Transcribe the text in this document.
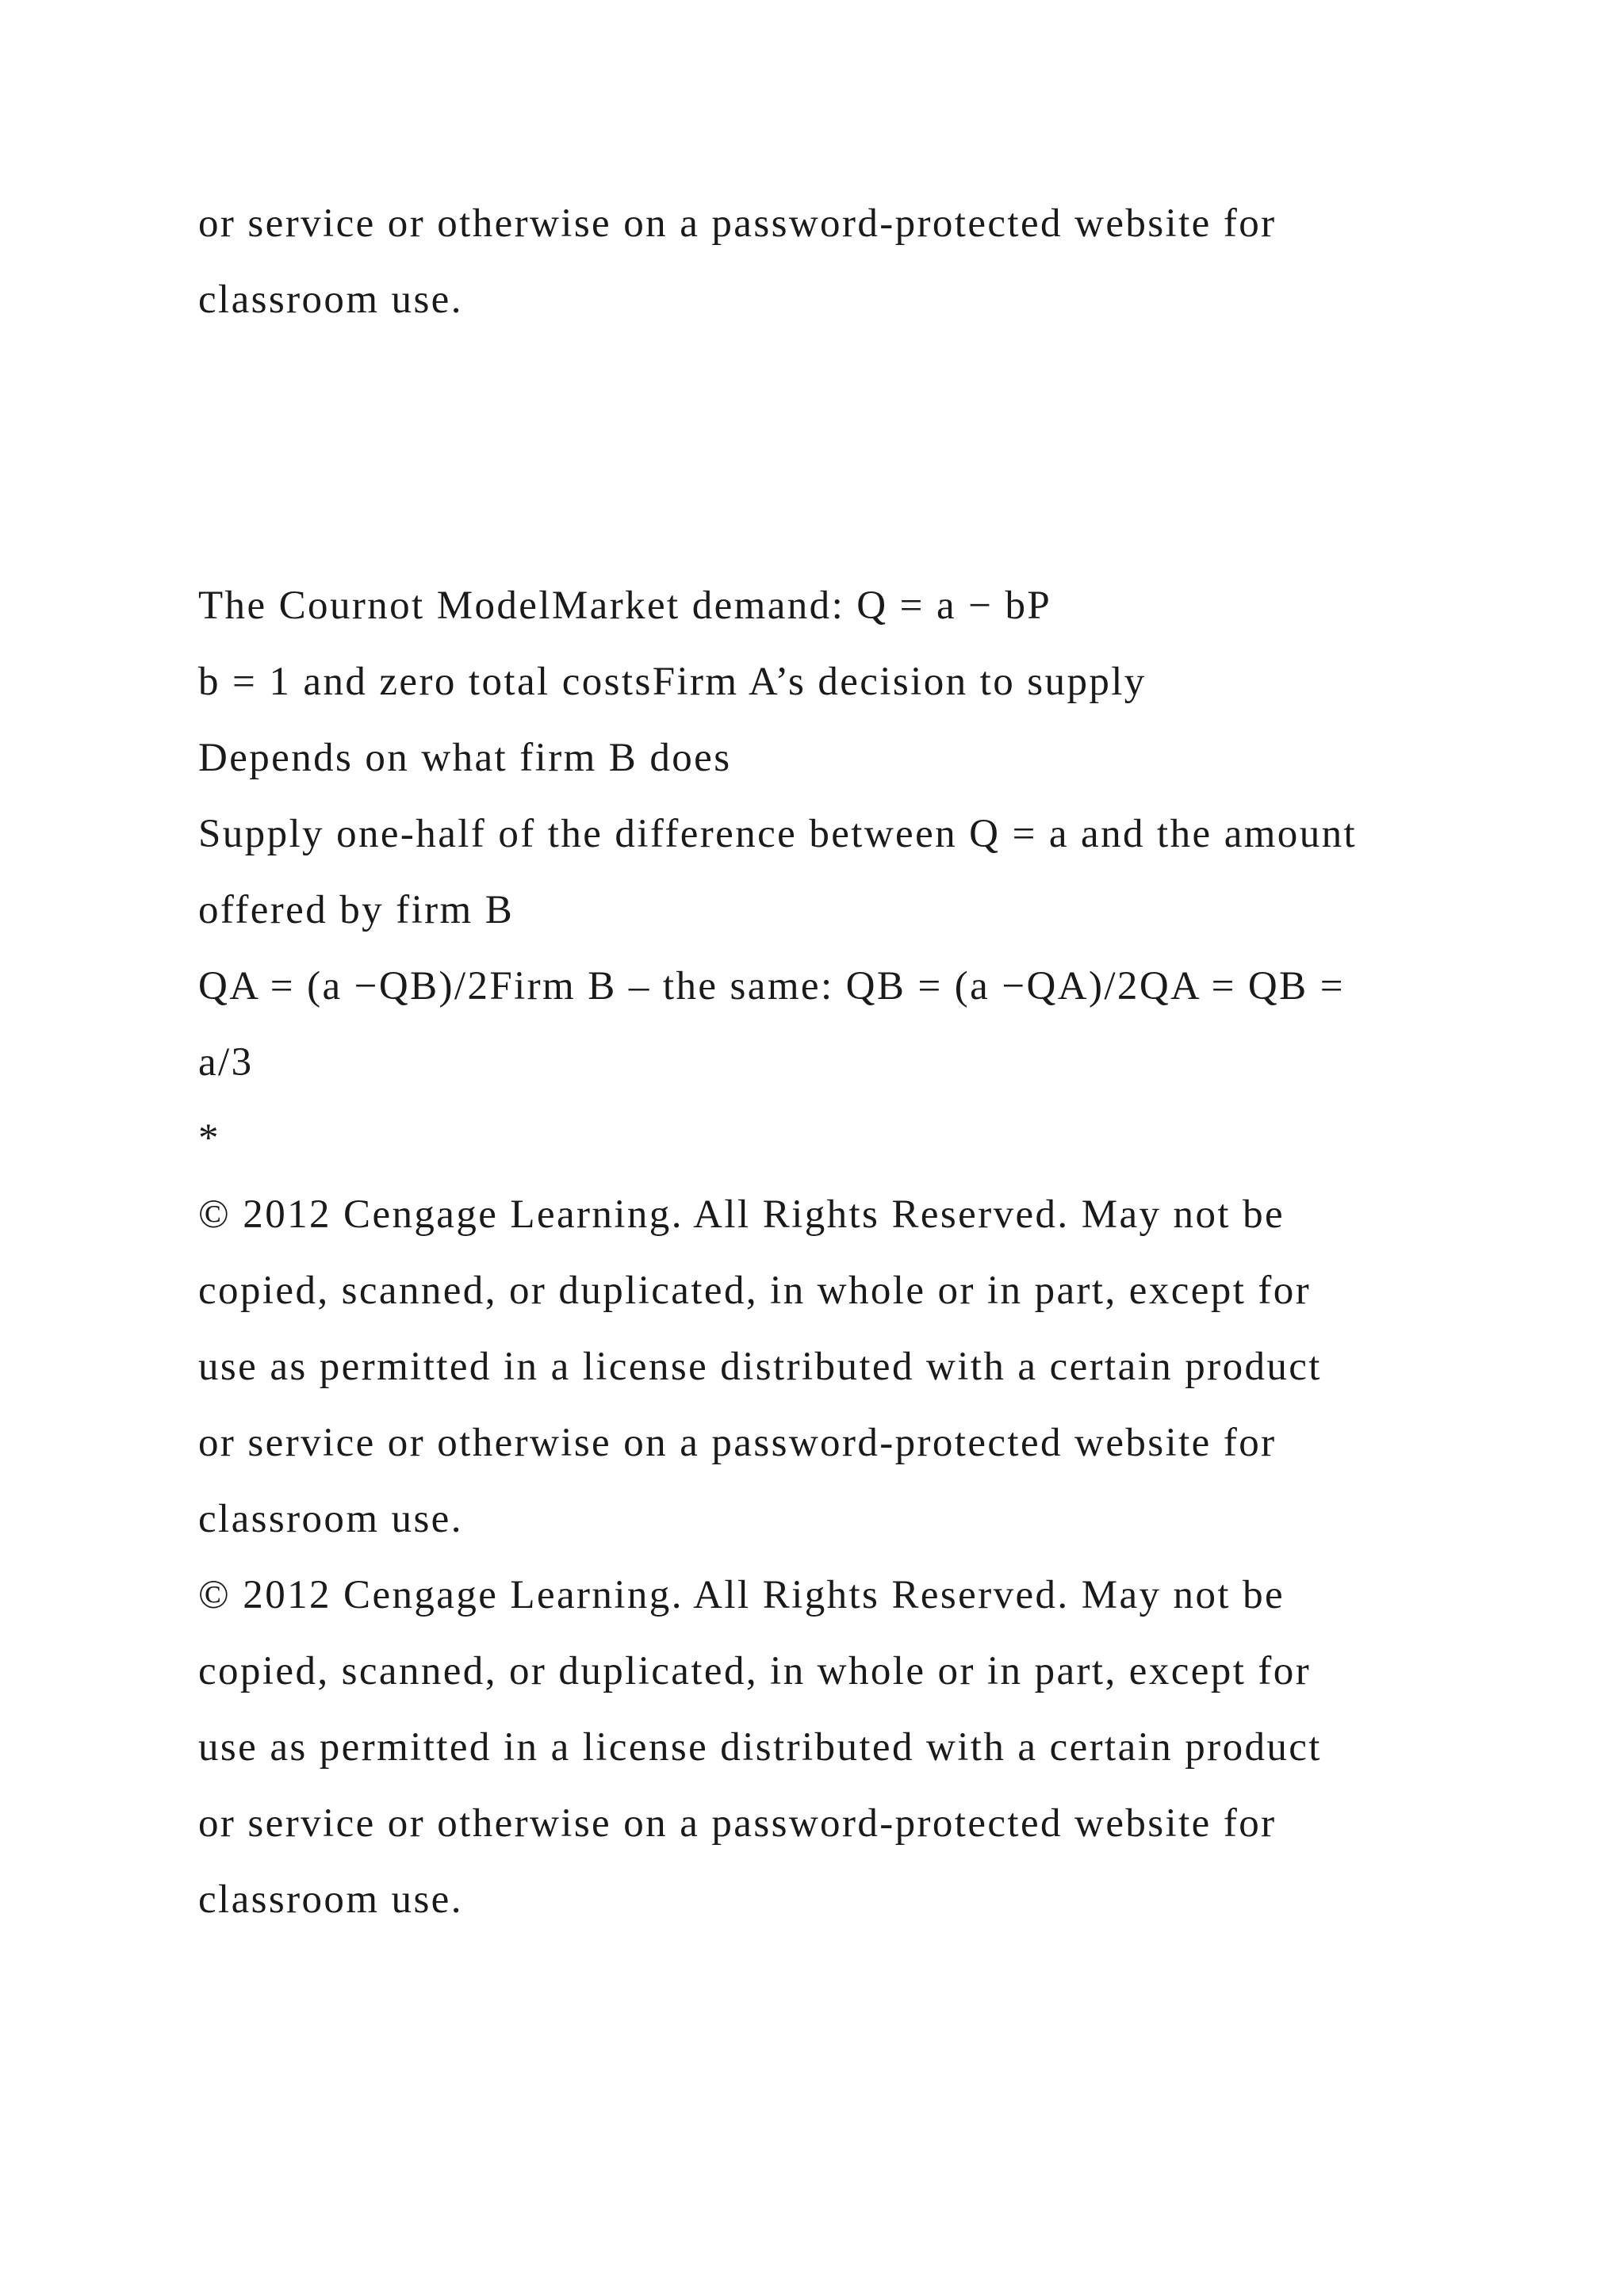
or service or otherwise on a password-protected website for

classroom use.

The Cournot ModelMarket demand: Q = a − bP

b = 1 and zero total costsFirm A’s decision to supply

Depends on what firm B does

Supply one-half of the difference between Q = a and the amount

offered by firm B

QA = (a −QB)/2Firm B – the same: QB = (a −QA)/2QA = QB =

a/3

*

© 2012 Cengage Learning. All Rights Reserved. May not be

copied, scanned, or duplicated, in whole or in part, except for

use as permitted in a license distributed with a certain product

or service or otherwise on a password-protected website for

classroom use.

© 2012 Cengage Learning. All Rights Reserved. May not be

copied, scanned, or duplicated, in whole or in part, except for

use as permitted in a license distributed with a certain product

or service or otherwise on a password-protected website for

classroom use.
